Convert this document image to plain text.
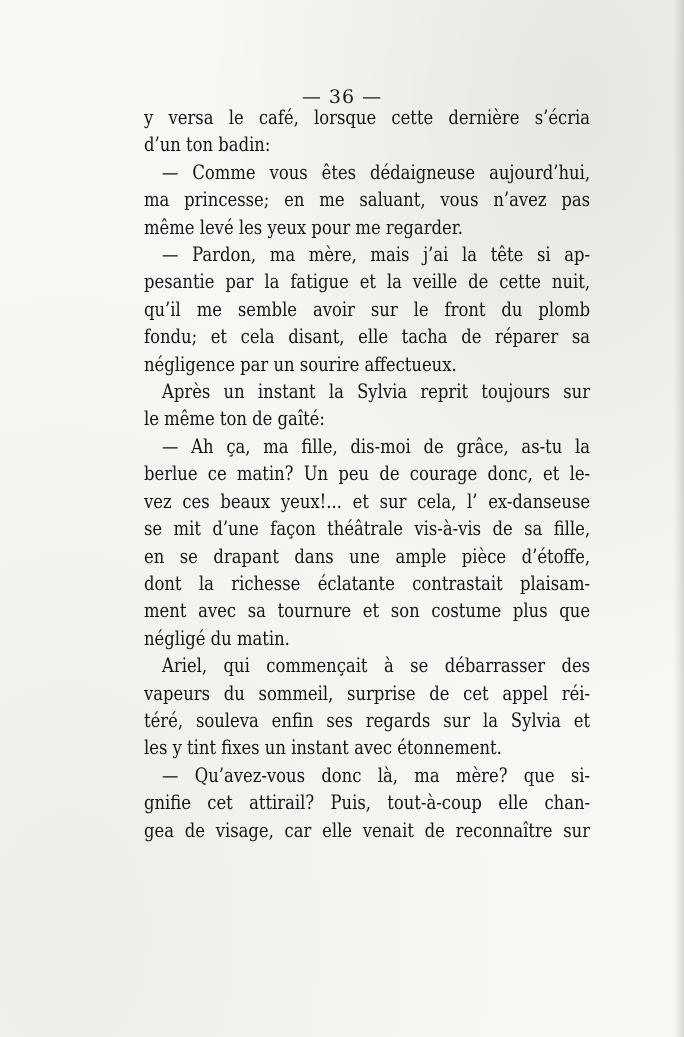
— 36 —
y versa le café, lorsque cette dernière s’écria
d’un ton badin:
— Comme vous êtes dédaigneuse aujourd’hui,
ma princesse; en me saluant, vous n’avez pas
même levé les yeux pour me regarder.
— Pardon, ma mère, mais j’ai la tête si ap-
pesantie par la fatigue et la veille de cette nuit,
qu’il me semble avoir sur le front du plomb
fondu; et cela disant, elle tacha de réparer sa
négligence par un sourire affectueux.
Après un instant la Sylvia reprit toujours sur
le même ton de gaîté:
— Ah ça, ma fille, dis-moi de grâce, as-tu la
berlue ce matin? Un peu de courage donc, et le-
vez ces beaux yeux!... et sur cela, l’ ex-danseuse
se mit d’une façon théâtrale vis-à-vis de sa fille,
en se drapant dans une ample pièce d’étoffe,
dont la richesse éclatante contrastait plaisam-
ment avec sa tournure et son costume plus que
négligé du matin.
Ariel, qui commençait à se débarrasser des
vapeurs du sommeil, surprise de cet appel réi-
téré, souleva enfin ses regards sur la Sylvia et
les y tint fixes un instant avec étonnement.
— Qu’avez-vous donc là, ma mère? que si-
gnifie cet attirail? Puis, tout-à-coup elle chan-
gea de visage, car elle venait de reconnaître sur
